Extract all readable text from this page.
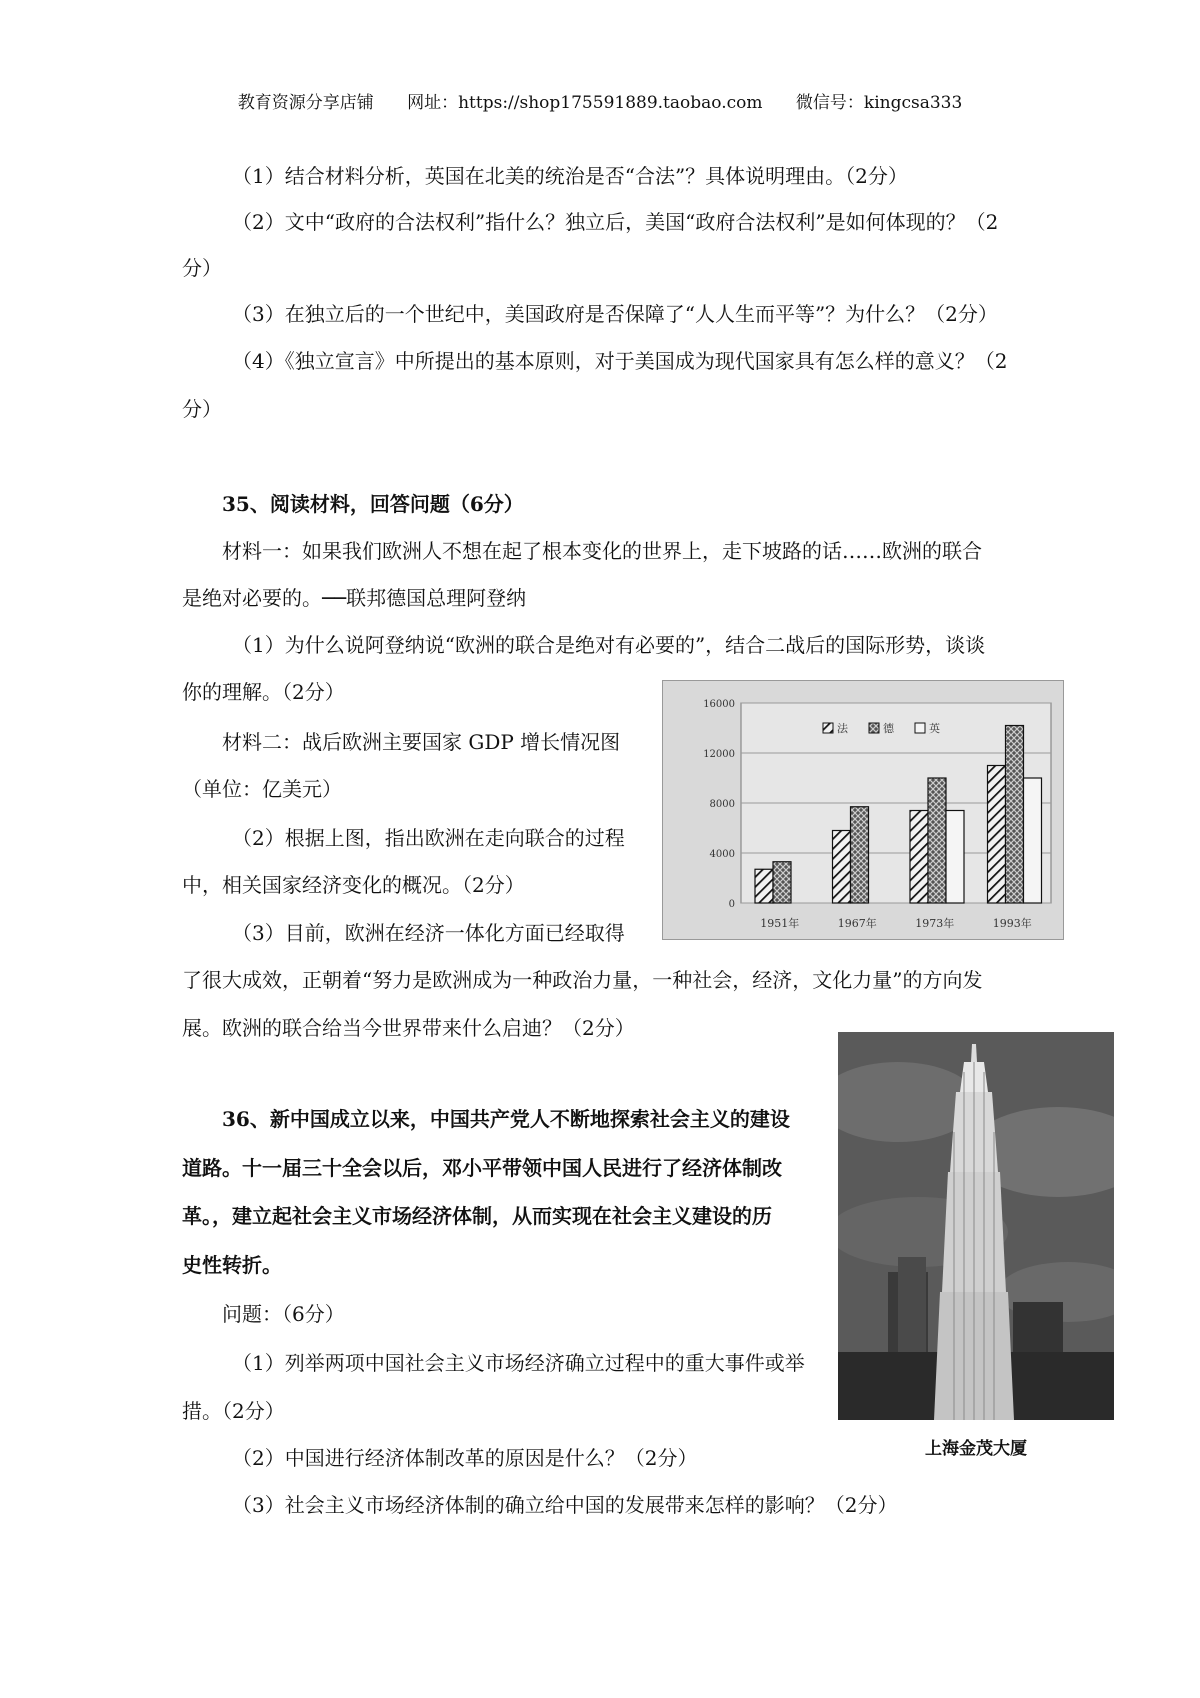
教育资源分享店铺 网址：https://shop175591889.taobao.com 微信号：kingcsa333
（1）结合材料分析，英国在北美的统治是否“合法”？具体说明理由。（2分）
（2）文中“政府的合法权利”指什么？独立后，美国“政府合法权利”是如何体现的？（2
分）
（3）在独立后的一个世纪中，美国政府是否保障了“人人生而平等”？为什么？（2分）
（4）《独立宣言》中所提出的基本原则，对于美国成为现代国家具有怎么样的意义？（2
分）
35、阅读材料，回答问题（6分）
材料一：如果我们欧洲人不想在起了根本变化的世界上，走下坡路的话……欧洲的联合
是绝对必要的。──联邦德国总理阿登纳
（1）为什么说阿登纳说“欧洲的联合是绝对有必要的”，结合二战后的国际形势，谈谈
你的理解。（2分）
材料二：战后欧洲主要国家 GDP 增长情况图
（单位：亿美元）
（2）根据上图，指出欧洲在走向联合的过程
中，相关国家经济变化的概况。（2分）
（3）目前，欧洲在经济一体化方面已经取得
了很大成效，正朝着“努力是欧洲成为一种政治力量，一种社会，经济，文化力量”的方向发
展。欧洲的联合给当今世界带来什么启迪？（2分）
0
4000
8000
12000
16000
1951年	1967年	1973年	1993年
法	德	英
36、新中国成立以来，中国共产党人不断地探索社会主义的建设
道路。十一届三十全会以后，邓小平带领中国人民进行了经济体制改
革。，建立起社会主义市场经济体制，从而实现在社会主义建设的历
史性转折。
问题：（6分）
（1）列举两项中国社会主义市场经济确立过程中的重大事件或举
措。（2分）
（2）中国进行经济体制改革的原因是什么？（2分）
（3）社会主义市场经济体制的确立给中国的发展带来怎样的影响？（2分）
上海金茂大厦
